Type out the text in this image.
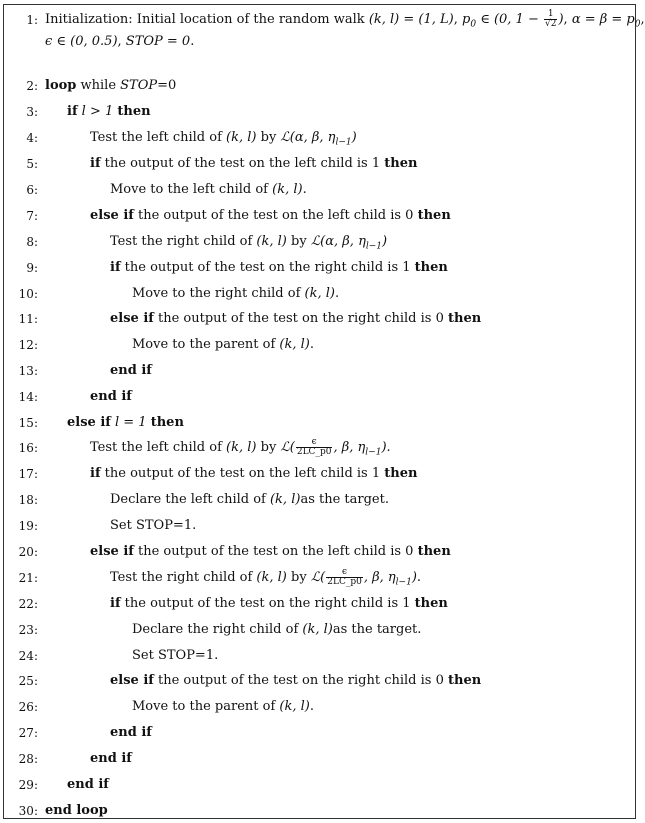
1 : Initialization: Initial location of the random walk (k, l) = (1, L), $p_0$ ∈ (0, $1 - \frac{1}{√2}$ ), $\alpha = \beta = p_0$,
ϵ ∈ (0, 0.5), STOP = 0.
2 : loop while STOP=0
3 :	if l > 1 then
4 :	Test the left child of (k, l) by ℒ(α, β, $\eta_{l-1}$)
5 :	if the output of the test on the left child is 1 then
6 :	Move to the left child of (k, l).
7 :	else if the output of the test on the left child is 0 then
8 :	Test the right child of (k, l) by ℒ(α, β, $\eta_{l-1}$)
9 :	if the output of the test on the right child is 1 then
10 :	Move to the right child of (k, l).
11 :	else if the output of the test on the right child is 0 then
12 :	Move to the parent of (k, l).
13 :	end if
14 :	end if
15 :	else if l = 1 then
16 :	Test the left child of (k, l) by ℒ( $\frac{\epsilon}{2LC\_p0}$ , β, $\eta_{l-1}$).
17 :	if the output of the test on the left child is 1 then
18 :	Declare the left child of (k, l)as the target.
19 :	Set STOP=1.
20 :	else if the output of the test on the left child is 0 then
21 :	Test the right child of (k, l) by ℒ( $\frac{\epsilon}{2LC\_p0}$ , β, $\eta_{l-1}$).
22 :	if the output of the test on the right child is 1 then
23 :	Declare the right child of (k, l)as the target.
24 :	Set STOP=1.
25 :	else if the output of the test on the right child is 0 then
26 :	Move to the parent of (k, l).
27 :	end if
28 :	end if
29 :	end if
30 : end loop
